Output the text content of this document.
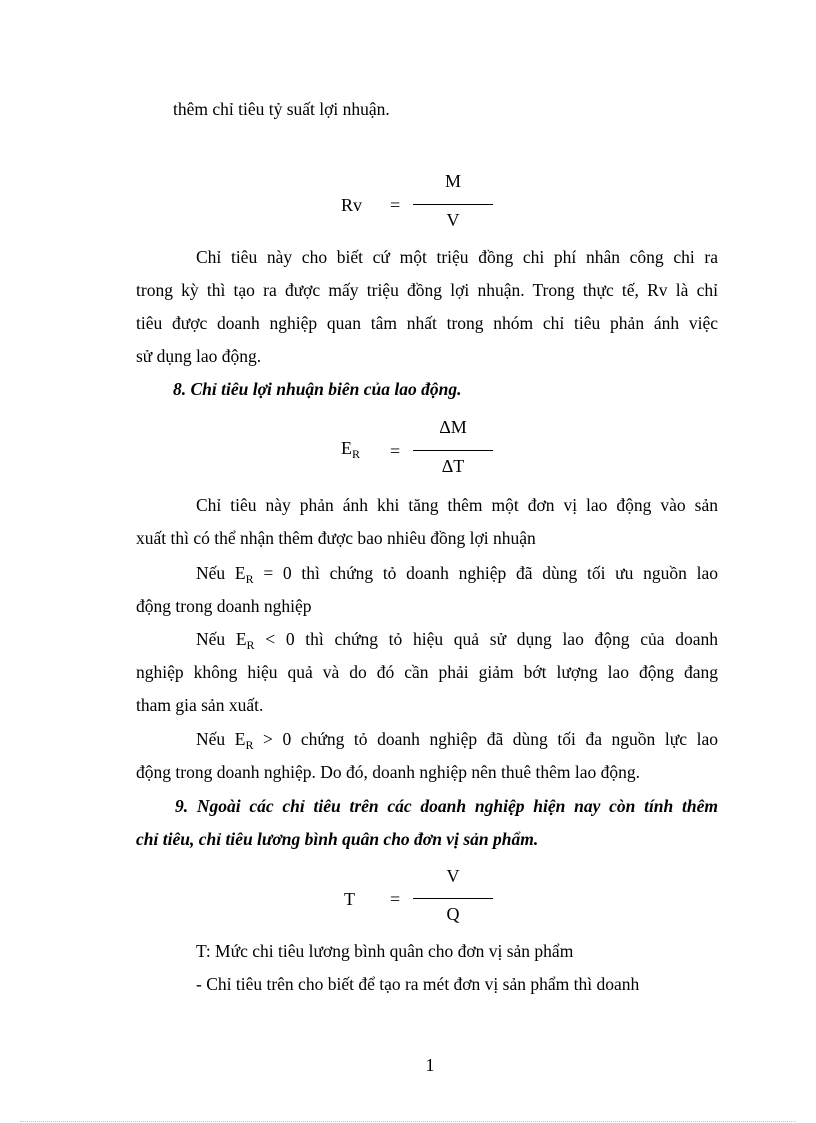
thêm chỉ tiêu tỷ suất lợi nhuận.
Rv =
M
V
Chỉ tiêu này cho biết cứ một triệu đồng chi phí nhân công chi ra
trong kỳ thì tạo ra được mấy triệu đồng lợi nhuận. Trong thực tế, Rv là chỉ
tiêu được doanh nghiệp quan tâm nhất trong nhóm chỉ tiêu phản ánh việc
sử dụng lao động.
8. Chỉ tiêu lợi nhuận biên của lao động.
$E_R$ =
ΔM
ΔT
Chỉ tiêu này phản ánh khi tăng thêm một đơn vị lao động vào sản
xuất thì có thể nhận thêm được bao nhiêu đồng lợi nhuận
Nếu $E_R = 0$ thì chứng tỏ doanh nghiệp đã dùng tối ưu nguồn lao
động trong doanh nghiệp
Nếu $E_R < 0$ thì chứng tỏ hiệu quả sử dụng lao động của doanh
nghiệp không hiệu quả và do đó cần phải giảm bớt lượng lao động đang
tham gia sản xuất.
Nếu $E_R > 0$ chứng tỏ doanh nghiệp đã dùng tối đa nguồn lực lao
động trong doanh nghiệp. Do đó, doanh nghiệp nên thuê thêm lao động.
9. Ngoài các chỉ tiêu trên các doanh nghiệp hiện nay còn tính thêm
chỉ tiêu, chỉ tiêu lương bình quân cho đơn vị sản phẩm.
T =
V
Q
T: Mức chi tiêu lương bình quân cho đơn vị sản phẩm
- Chỉ tiêu trên cho biết để tạo ra mét đơn vị sản phẩm thì doanh
1
